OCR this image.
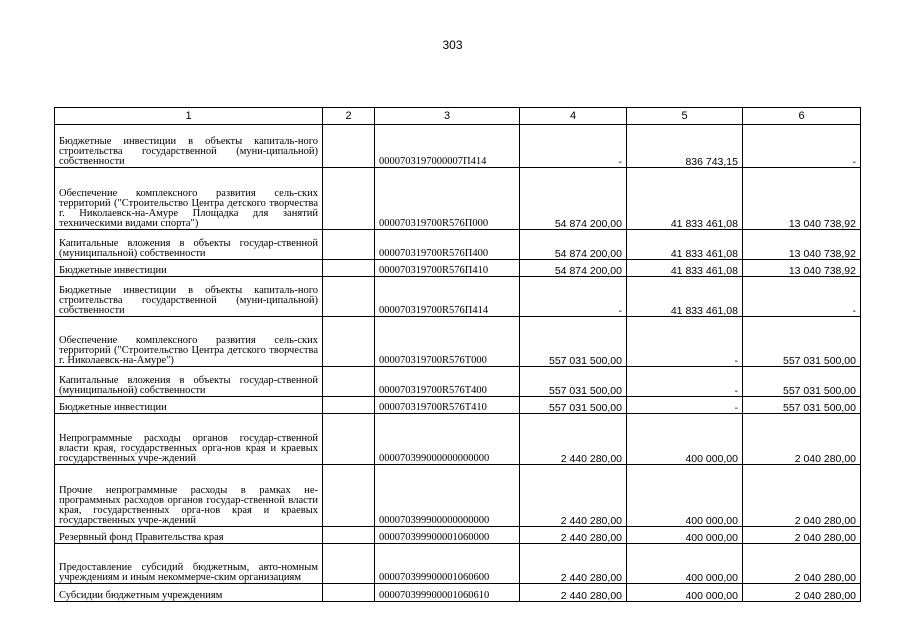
303
1	2	3	4	5	6
Бюджетные инвестиции в объекты капиталь-ного строительства государственной (муни-ципальной) собственности		0000703197000007П414	-	836 743,15	-
Обеспечение комплексного развития сель-ских территорий ("Строительство Центра детского творчества г. Николаевск-на-Амуре Площадка для занятий техническими видами спорта")		000070319700R576П000	54 874 200,00	41 833 461,08	13 040 738,92
Капитальные вложения в объекты государ-ственной (муниципальной) собственности		000070319700R576П400	54 874 200,00	41 833 461,08	13 040 738,92
Бюджетные инвестиции		000070319700R576П410	54 874 200,00	41 833 461,08	13 040 738,92
Бюджетные инвестиции в объекты капиталь-ного строительства государственной (муни-ципальной) собственности		000070319700R576П414	-	41 833 461,08	-
Обеспечение комплексного развития сель-ских территорий ("Строительство Центра детского творчества г. Николаевск-на-Амуре")		000070319700R576Т000	557 031 500,00	-	557 031 500,00
Капитальные вложения в объекты государ-ственной (муниципальной) собственности		000070319700R576Т400	557 031 500,00	-	557 031 500,00
Бюджетные инвестиции		000070319700R576Т410	557 031 500,00	-	557 031 500,00
Непрограммные расходы органов государ-ственной власти края, государственных орга-нов края и краевых государственных учре-ждений		000070399000000000000	2 440 280,00	400 000,00	2 040 280,00
Прочие непрограммные расходы в рамках не-программных расходов органов государ-ственной власти края, государственных орга-нов края и краевых государственных учре-ждений		000070399900000000000	2 440 280,00	400 000,00	2 040 280,00
Резервный фонд Правительства края		000070399900001060000	2 440 280,00	400 000,00	2 040 280,00
Предоставление субсидий бюджетным, авто-номным учреждениям и иным некоммерче-ским организациям		000070399900001060600	2 440 280,00	400 000,00	2 040 280,00
Субсидии бюджетным учреждениям		000070399900001060610	2 440 280,00	400 000,00	2 040 280,00
